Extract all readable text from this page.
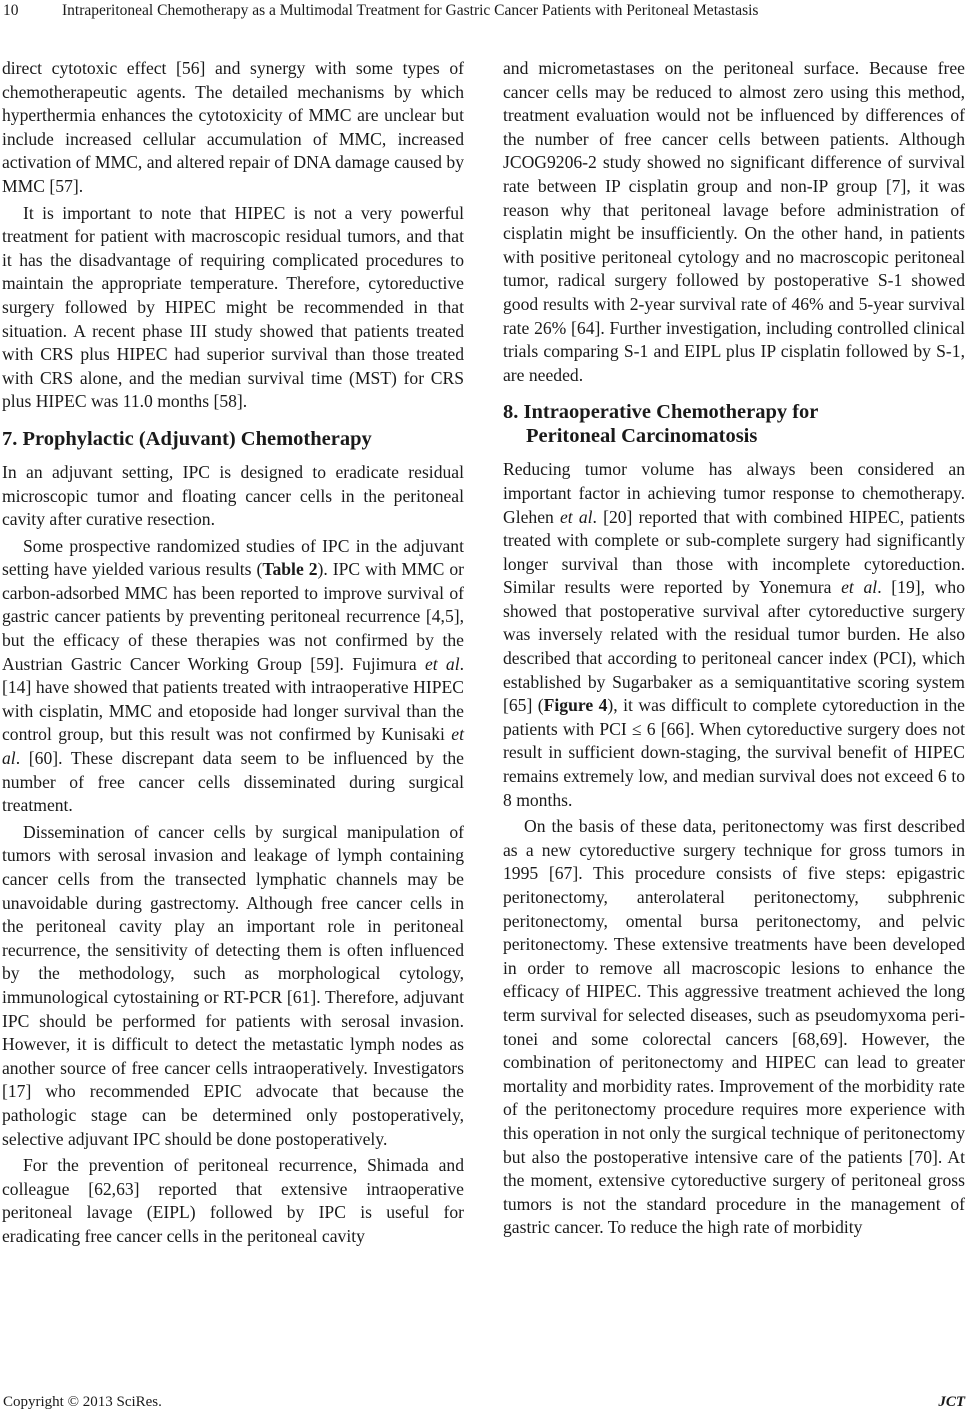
10	Intraperitoneal Chemotherapy as a Multimodal Treatment for Gastric Cancer Patients with Peritoneal Metastasis

direct cytotoxic effect [56] and synergy with some types of chemotherapeutic agents. The detailed mechanisms by which hyperthermia enhances the cytotoxicity of MMC are unclear but include increased cellular accumulation of MMC, increased activation of MMC, and altered repair of DNA damage caused by MMC [57].

It is important to note that HIPEC is not a very powerful treatment for patient with macroscopic residual tumors, and that it has the disadvantage of requiring complicated procedures to maintain the appropriate temperature. Therefore, cytoreductive surgery followed by HIPEC might be recommended in that situation. A recent phase III study showed that patients treated with CRS plus HIPEC had superior survival than those treated with CRS alone, and the median survival time (MST) for CRS plus HIPEC was 11.0 months [58].

7. Prophylactic (Adjuvant) Chemotherapy

In an adjuvant setting, IPC is designed to eradicate residual microscopic tumor and floating cancer cells in the peritoneal cavity after curative resection.

Some prospective randomized studies of IPC in the adjuvant setting have yielded various results (Table 2). IPC with MMC or carbon-adsorbed MMC has been reported to improve survival of gastric cancer patients by preventing peritoneal recurrence [4,5], but the efficacy of these therapies was not confirmed by the Austrian Gastric Cancer Working Group [59]. Fujimura et al. [14] have showed that patients treated with intraoperative HIPEC with cisplatin, MMC and etoposide had longer survival than the control group, but this result was not confirmed by Kunisaki et al. [60]. These discrepant data seem to be influenced by the number of free cancer cells disseminated during surgical treatment.

Dissemination of cancer cells by surgical manipulation of tumors with serosal invasion and leakage of lymph containing cancer cells from the transected lymphatic channels may be unavoidable during gastrectomy. Although free cancer cells in the peritoneal cavity play an important role in peritoneal recurrence, the sensitivity of detecting them is often influenced by the methodology, such as morphological cytology, immunological cytostaining or RT-PCR [61]. Therefore, adjuvant IPC should be performed for patients with serosal invasion. However, it is difficult to detect the metastatic lymph nodes as another source of free cancer cells intraoperatively. Investigators [17] who recommended EPIC advocate that because the pathologic stage can be determined only postoperatively, selective adjuvant IPC should be done postoperatively.

For the prevention of peritoneal recurrence, Shimada and colleague [62,63] reported that extensive intraoperative peritoneal lavage (EIPL) followed by IPC is useful for eradicating free cancer cells in the peritoneal cavity

and micrometastases on the peritoneal surface. Because free cancer cells may be reduced to almost zero using this method, treatment evaluation would not be influenced by differences of the number of free cancer cells between patients. Although JCOG9206-2 study showed no significant difference of survival rate between IP cisplatin group and non-IP group [7], it was reason why that peritoneal lavage before administration of cisplatin might be insufficiently. On the other hand, in patients with positive peritoneal cytology and no macroscopic peritoneal tumor, radical surgery followed by postoperative S-1 showed good results with 2-year survival rate of 46% and 5-year survival rate 26% [64]. Further investigation, including controlled clinical trials comparing S-1 and EIPL plus IP cisplatin followed by S-1, are needed.

8. Intraoperative Chemotherapy for
Peritoneal Carcinomatosis

Reducing tumor volume has always been considered an important factor in achieving tumor response to chemotherapy. Glehen et al. [20] reported that with combined HIPEC, patients treated with complete or sub-complete surgery had significantly longer survival than those with incomplete cytoreduction. Similar results were reported by Yonemura et al. [19], who showed that postoperative survival after cytoreductive surgery was inversely related with the residual tumor burden. He also described that according to peritoneal cancer index (PCI), which established by Sugarbaker as a semiquantitative scoring system [65] (Figure 4), it was difficult to complete cytoreduction in the patients with PCI ≤ 6 [66]. When cytoreductive surgery does not result in sufficient down-staging, the survival benefit of HIPEC remains extremely low, and median survival does not exceed 6 to 8 months.

On the basis of these data, peritonectomy was first described as a new cytoreductive surgery technique for gross tumors in 1995 [67]. This procedure consists of five steps: epigastric peritonectomy, anterolateral peritonectomy, subphrenic peritonectomy, omental bursa peritonectomy, and pelvic peritonectomy. These extensive treatments have been developed in order to remove all macroscopic lesions to enhance the efficacy of HIPEC. This aggressive treatment achieved the long term survival for selected diseases, such as pseudomyxoma peritonei and some colorectal cancers [68,69]. However, the combination of peritonectomy and HIPEC can lead to greater mortality and morbidity rates. Improvement of the morbidity rate of the peritonectomy procedure requires more experience with this operation in not only the surgical technique of peritonectomy but also the postoperative intensive care of the patients [70]. At the moment, extensive cytoreductive surgery of peritoneal gross tumors is not the standard procedure in the management of gastric cancer. To reduce the high rate of morbidity

Copyright © 2013 SciRes.	JCT
